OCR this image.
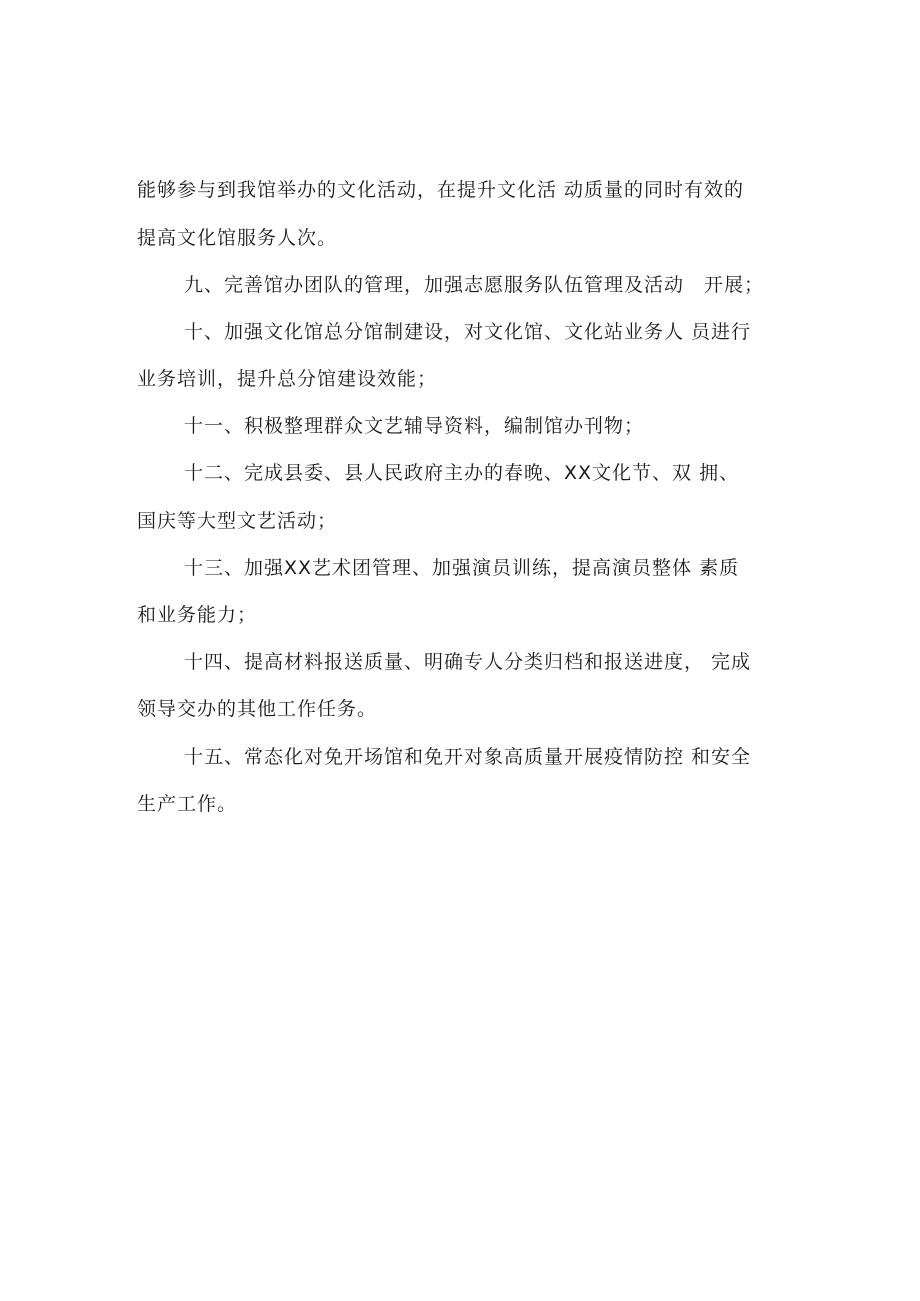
能够参与到我馆举办的文化活动，在提升文化活 动质量的同时有效的
提高文化馆服务人次。
九、完善馆办团队的管理，加强志愿服务队伍管理及活动　开展；
十、加强文化馆总分馆制建设，对文化馆、文化站业务人 员进行
业务培训，提升总分馆建设效能；
十一、积极整理群众文艺辅导资料，编制馆办刊物；
十二、完成县委、县人民政府主办的春晚、XX文化节、双 拥、
国庆等大型文艺活动；
十三、加强XX艺术团管理、加强演员训练，提高演员整体 素质
和业务能力；
十四、提高材料报送质量、明确专人分类归档和报送进度， 完成
领导交办的其他工作任务。
十五、常态化对免开场馆和免开对象高质量开展疫情防控 和安全
生产工作。
